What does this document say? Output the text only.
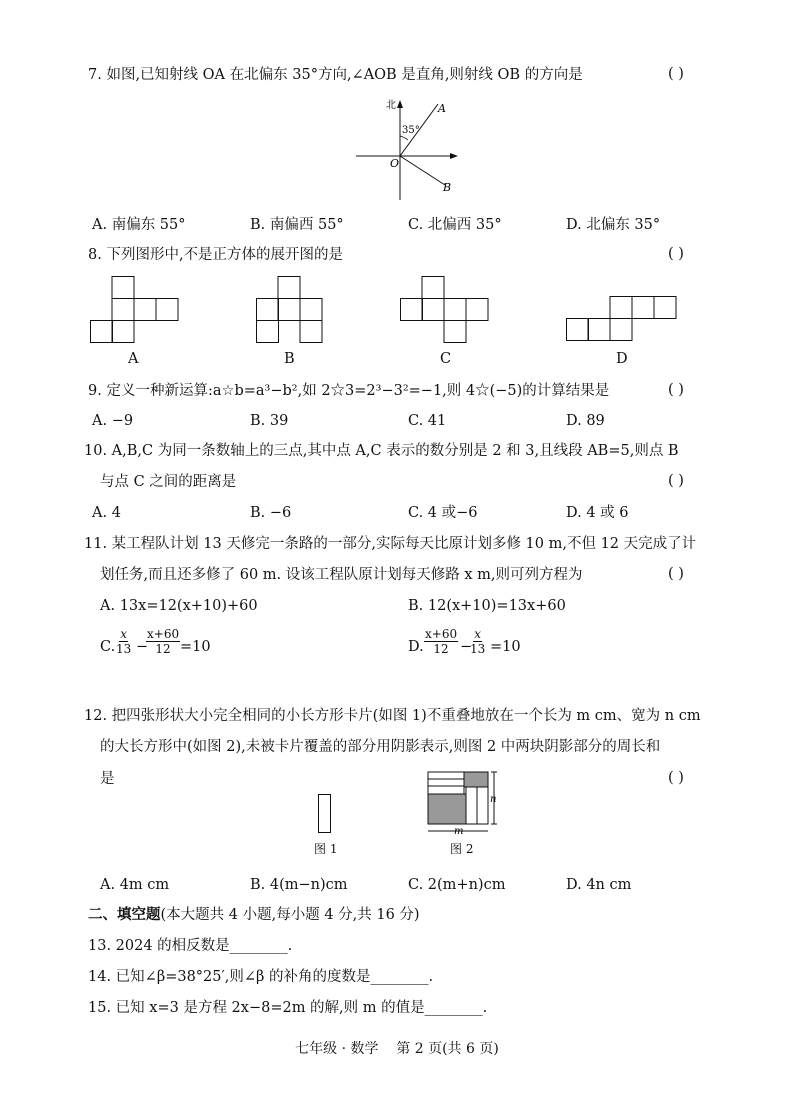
7. 如图,已知射线 OA 在北偏东 35°方向,∠AOB 是直角,则射线 OB 的方向是	( )
北
35°
O
A
B
A. 南偏东 55°	B. 南偏西 55°	C. 北偏西 35°	D. 北偏东 35°
8. 下列图形中,不是正方体的展开图的是	( )
A	B	C	D
9. 定义一种新运算:a☆b=a³−b²,如 2☆3=2³−3²=−1,则 4☆(−5)的计算结果是	( )
A. −9	B. 39	C. 41	D. 89
10. A,B,C 为同一条数轴上的三点,其中点 A,C 表示的数分别是 2 和 3,且线段 AB=5,则点 B
与点 C 之间的距离是	( )
A. 4	B. −6	C. 4 或−6	D. 4 或 6
11. 某工程队计划 13 天修完一条路的一部分,实际每天比原计划多修 10 m,不但 12 天完成了计
划任务,而且还多修了 60 m. 设该工程队原计划每天修路 x m,则可列方程为	( )
A. 13x=12(x+10)+60	B. 12(x+10)=13x+60
C. $\frac{x}{13}$ −
$\frac{x+60}{12} =10$	D. $\frac{x+60}{12}$ −
$\frac{x}{13} =10$
12. 把四张形状大小完全相同的小长方形卡片(如图 1)不重叠地放在一个长为 m cm、宽为 n cm
的大长方形中(如图 2),未被卡片覆盖的部分用阴影表示,则图 2 中两块阴影部分的周长和
是	( )
图 1
n
m
图 2
A. 4m cm	B. 4(m−n)cm	C. 2(m+n)cm	D. 4n cm
二、填空题(本大题共 4 小题,每小题 4 分,共 16 分)
13. 2024 的相反数是________.
14. 已知∠β=38°25′,则∠β 的补角的度数是________.
15. 已知 x=3 是方程 2x−8=2m 的解,则 m 的值是________.
七年级 · 数学    第 2 页(共 6 页)
